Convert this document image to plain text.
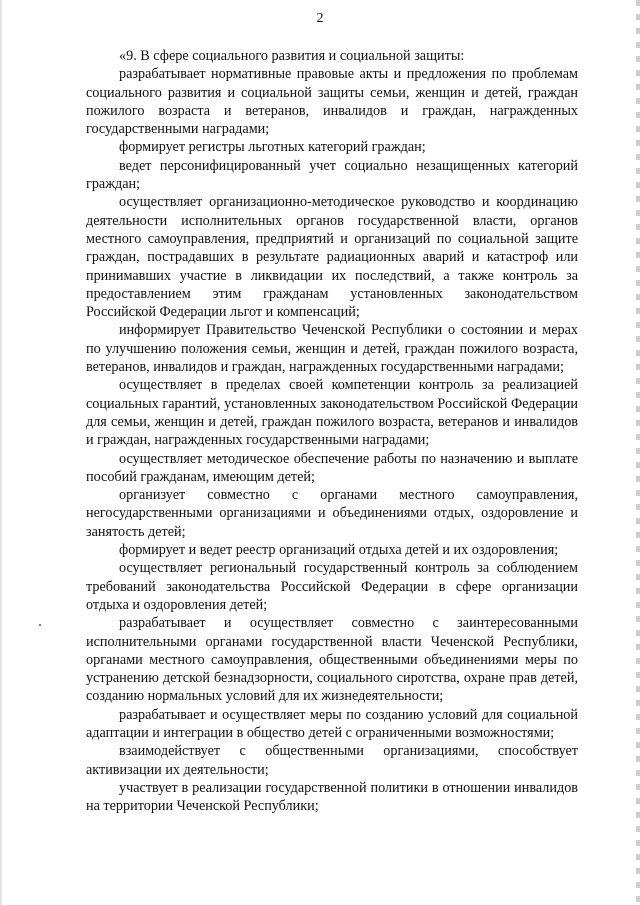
2

«9. В сфере социального развития и социальной защиты:

разрабатывает нормативные правовые акты и предложения по проблемам социального развития и социальной защиты семьи, женщин и детей, граждан пожилого возраста и ветеранов, инвалидов и граждан, награжденных государственными наградами;

формирует регистры льготных категорий граждан;

ведет персонифицированный учет социально незащищенных категорий граждан;

осуществляет организационно-методическое руководство и координацию деятельности исполнительных органов государственной власти, органов местного самоуправления, предприятий и организаций по социальной защите граждан, пострадавших в результате радиационных аварий и катастроф или принимавших участие в ликвидации их последствий, а также контроль за предоставлением этим гражданам установленных законодательством Российской Федерации льгот и компенсаций;

информирует Правительство Чеченской Республики о состоянии и мерах по улучшению положения семьи, женщин и детей, граждан пожилого возраста, ветеранов, инвалидов и граждан, награжденных государственными наградами;

осуществляет в пределах своей компетенции контроль за реализацией социальных гарантий, установленных законодательством Российской Федерации для семьи, женщин и детей, граждан пожилого возраста, ветеранов и инвалидов и граждан, награжденных государственными наградами;

осуществляет методическое обеспечение работы по назначению и выплате пособий гражданам, имеющим детей;

организует совместно с органами местного самоуправления, негосударственными организациями и объединениями отдых, оздоровление и занятость детей;

формирует и ведет реестр организаций отдыха детей и их оздоровления;

осуществляет региональный государственный контроль за соблюдением требований законодательства Российской Федерации в сфере организации отдыха и оздоровления детей;

разрабатывает и осуществляет совместно с заинтересованными исполнительными органами государственной власти Чеченской Республики, органами местного самоуправления, общественными объединениями меры по устранению детской безнадзорности, социального сиротства, охране прав детей, созданию нормальных условий для их жизнедеятельности;

разрабатывает и осуществляет меры по созданию условий для социальной адаптации и интеграции в общество детей с ограниченными возможностями;

взаимодействует с общественными организациями, способствует активизации их деятельности;

участвует в реализации государственной политики в отношении инвалидов на территории Чеченской Республики;
